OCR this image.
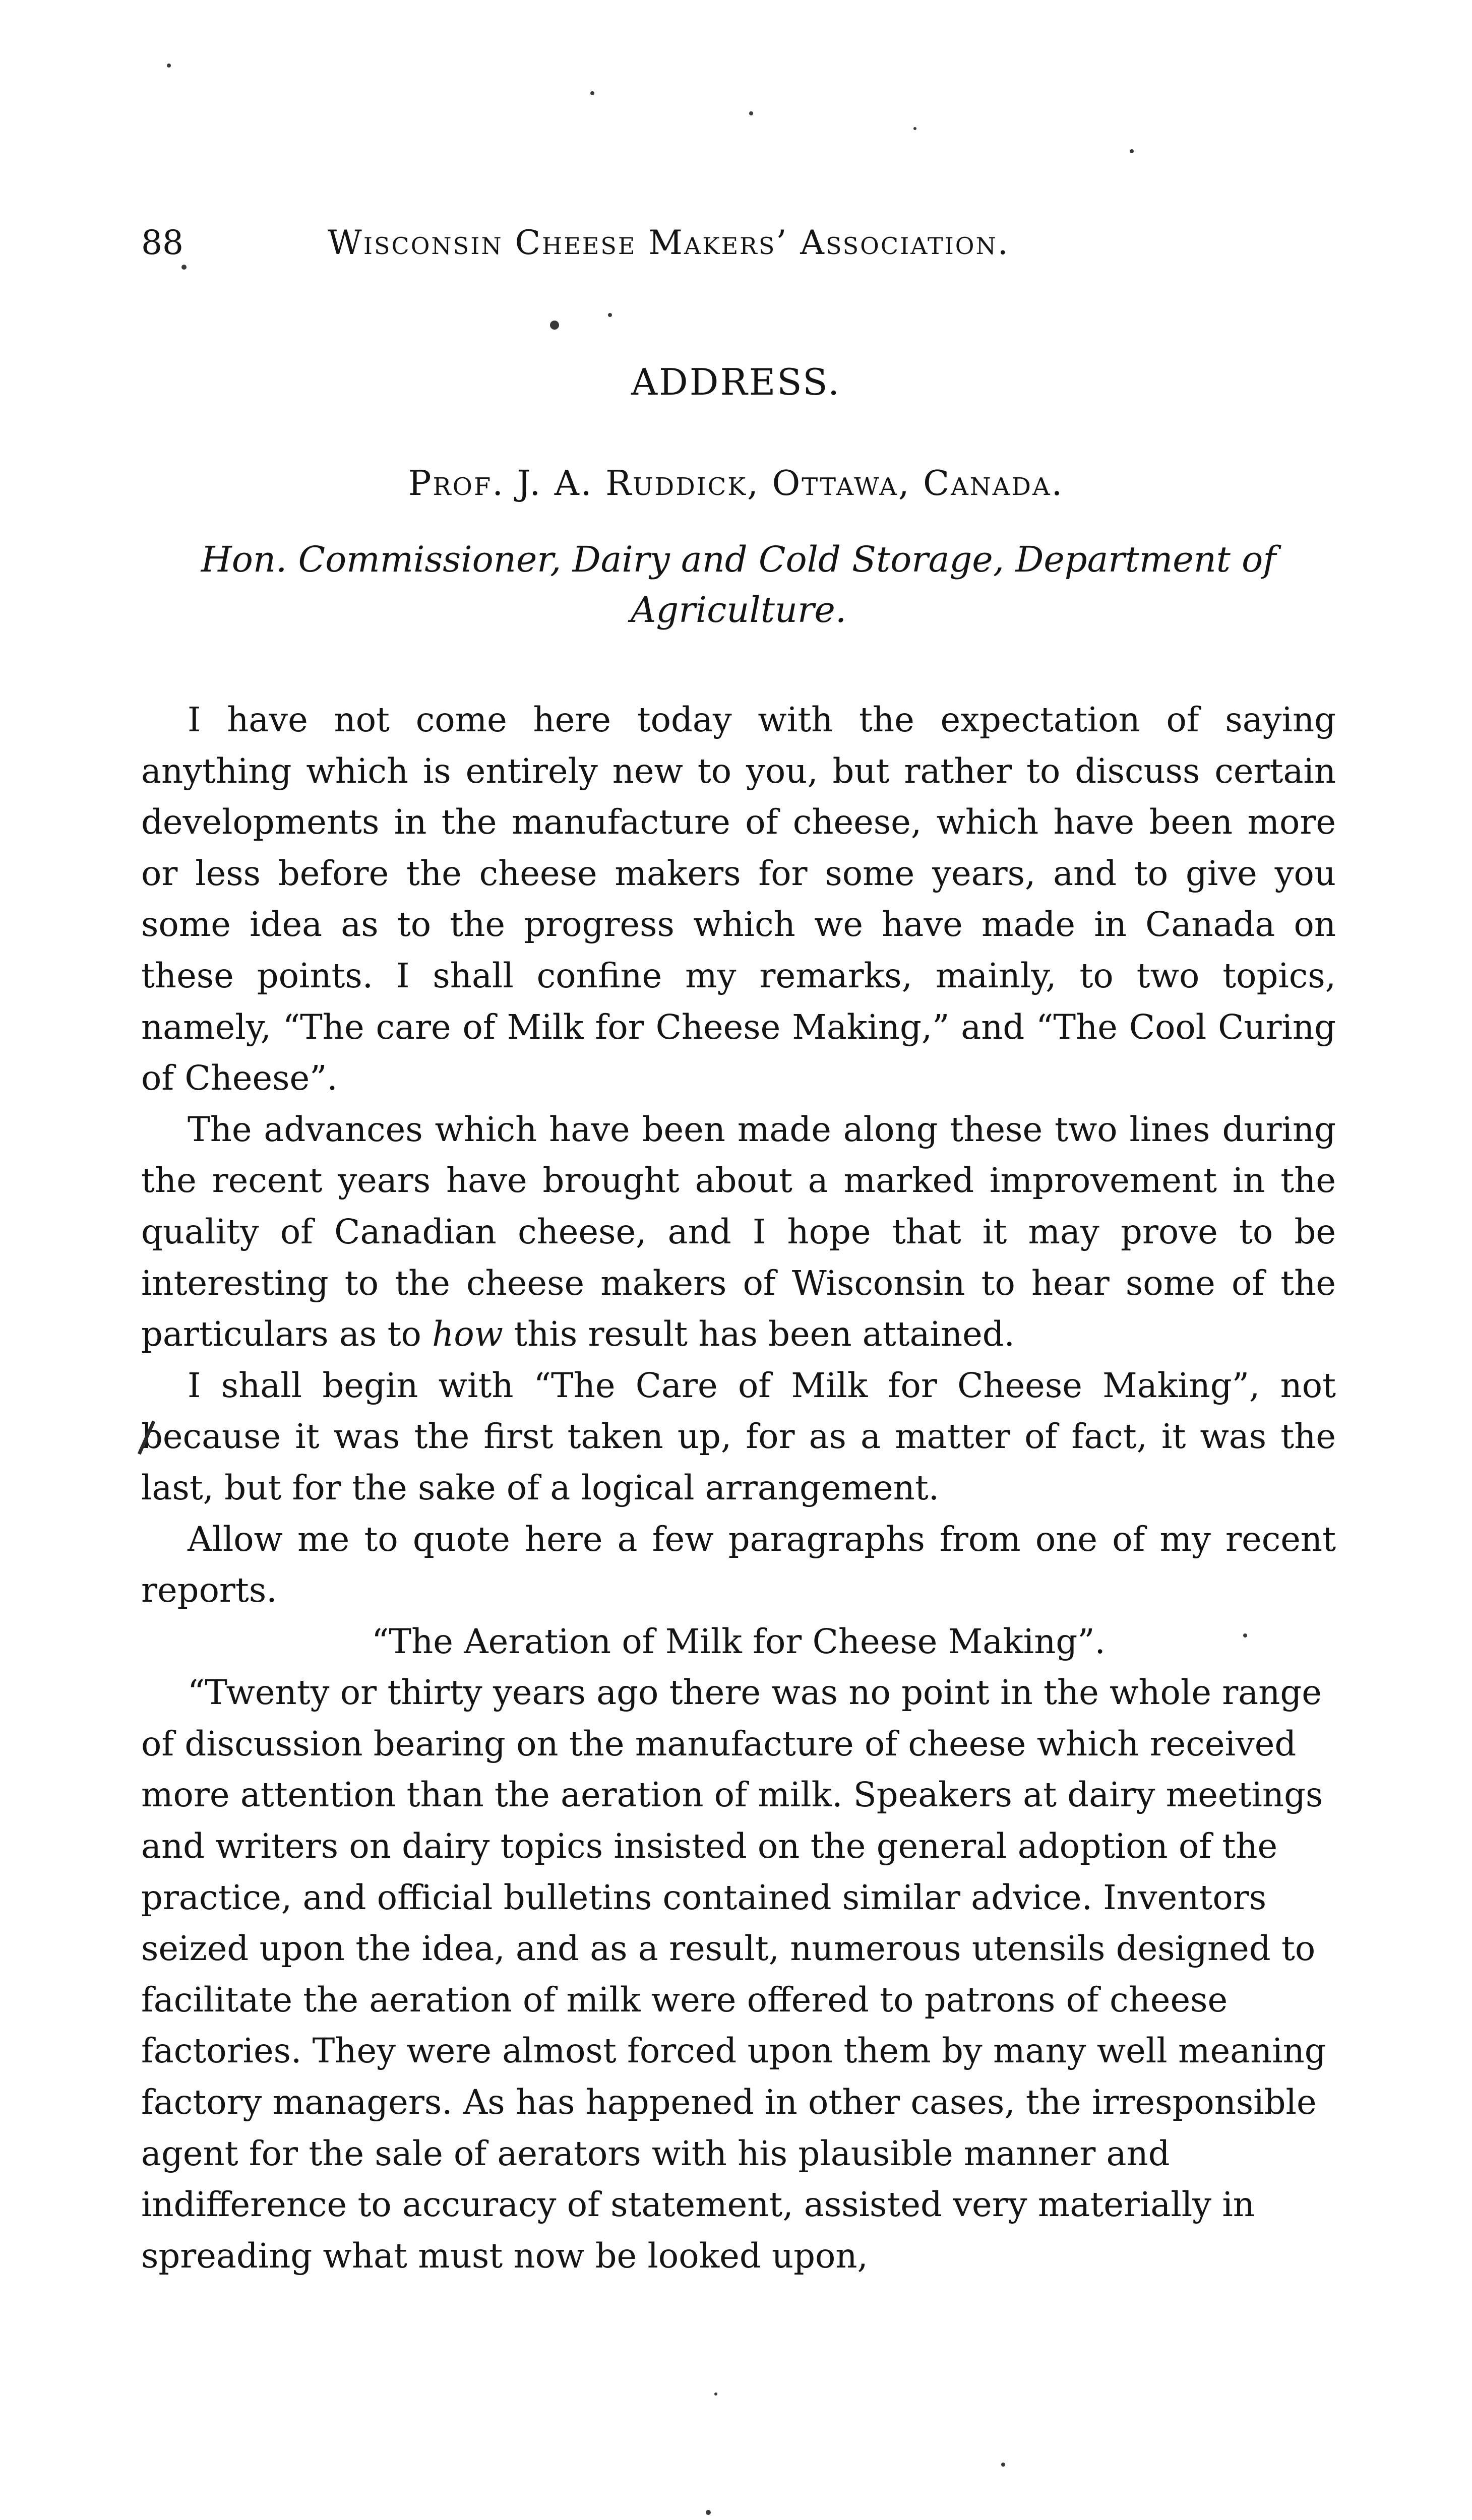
88	Wisconsin Cheese Makers’ Association.
ADDRESS.
Prof. J. A. Ruddick, Ottawa, Canada.
Hon. Commissioner, Dairy and Cold Storage, Department of Agriculture.

I have not come here today with the expectation of saying anything which is entirely new to you, but rather to discuss certain developments in the manufacture of cheese, which have been more or less before the cheese makers for some years, and to give you some idea as to the progress which we have made in Canada on these points. I shall confine my remarks, mainly, to two topics, namely, “The care of Milk for Cheese Making,” and “The Cool Curing of Cheese”.

The advances which have been made along these two lines during the recent years have brought about a marked improvement in the quality of Canadian cheese, and I hope that it may prove to be interesting to the cheese makers of Wisconsin to hear some of the particulars as to how this result has been attained.

I shall begin with “The Care of Milk for Cheese Making”, not because it was the first taken up, for as a matter of fact, it was the last, but for the sake of a logical arrangement.

Allow me to quote here a few paragraphs from one of my recent reports.

“The Aeration of Milk for Cheese Making”.

“Twenty or thirty years ago there was no point in the whole range of discussion bearing on the manufacture of cheese which received more attention than the aeration of milk. Speakers at dairy meetings and writers on dairy topics insisted on the general adoption of the practice, and official bulletins contained similar advice. Inventors seized upon the idea, and as a result, numerous utensils designed to facilitate the aeration of milk were offered to patrons of cheese factories. They were almost forced upon them by many well meaning factory managers. As has happened in other cases, the irresponsible agent for the sale of aerators with his plausible manner and indifference to accuracy of statement, assisted very materially in spreading what must now be looked upon,
